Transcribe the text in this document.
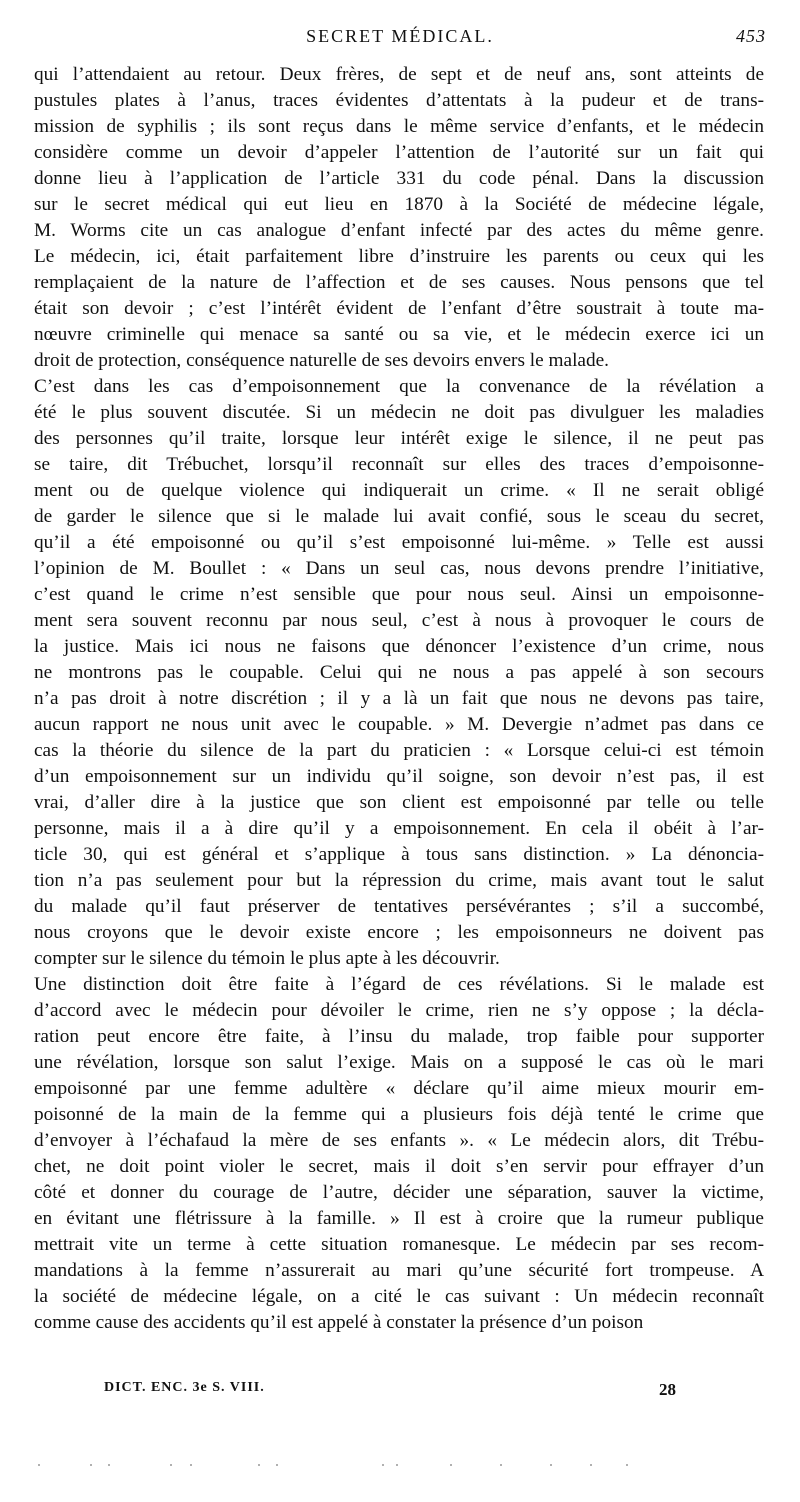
SECRET MÉDICAL.	453

qui l’attendaient au retour. Deux frères, de sept et de neuf ans, sont atteints de
pustules plates à l’anus, traces évidentes d’attentats à la pudeur et de trans-
mission de syphilis ; ils sont reçus dans le même service d’enfants, et le médecin
considère comme un devoir d’appeler l’attention de l’autorité sur un fait qui
donne lieu à l’application de l’article 331 du code pénal. Dans la discussion
sur le secret médical qui eut lieu en 1870 à la Société de médecine légale,
M. Worms cite un cas analogue d’enfant infecté par des actes du même genre.
Le médecin, ici, était parfaitement libre d’instruire les parents ou ceux qui les
remplaçaient de la nature de l’affection et de ses causes. Nous pensons que tel
était son devoir ; c’est l’intérêt évident de l’enfant d’être soustrait à toute ma-
nœuvre criminelle qui menace sa santé ou sa vie, et le médecin exerce ici un
droit de protection, conséquence naturelle de ses devoirs envers le malade.

C’est dans les cas d’empoisonnement que la convenance de la révélation a
été le plus souvent discutée. Si un médecin ne doit pas divulguer les maladies
des personnes qu’il traite, lorsque leur intérêt exige le silence, il ne peut pas
se taire, dit Trébuchet, lorsqu’il reconnaît sur elles des traces d’empoisonne-
ment ou de quelque violence qui indiquerait un crime. « Il ne serait obligé
de garder le silence que si le malade lui avait confié, sous le sceau du secret,
qu’il a été empoisonné ou qu’il s’est empoisonné lui-même. » Telle est aussi
l’opinion de M. Boullet : « Dans un seul cas, nous devons prendre l’initiative,
c’est quand le crime n’est sensible que pour nous seul. Ainsi un empoisonne-
ment sera souvent reconnu par nous seul, c’est à nous à provoquer le cours de
la justice. Mais ici nous ne faisons que dénoncer l’existence d’un crime, nous
ne montrons pas le coupable. Celui qui ne nous a pas appelé à son secours
n’a pas droit à notre discrétion ; il y a là un fait que nous ne devons pas taire,
aucun rapport ne nous unit avec le coupable. » M. Devergie n’admet pas dans ce
cas la théorie du silence de la part du praticien : « Lorsque celui-ci est témoin
d’un empoisonnement sur un individu qu’il soigne, son devoir n’est pas, il est
vrai, d’aller dire à la justice que son client est empoisonné par telle ou telle
personne, mais il a à dire qu’il y a empoisonnement. En cela il obéit à l’ar-
ticle 30, qui est général et s’applique à tous sans distinction. » La dénoncia-
tion n’a pas seulement pour but la répression du crime, mais avant tout le salut
du malade qu’il faut préserver de tentatives persévérantes ; s’il a succombé,
nous croyons que le devoir existe encore ; les empoisonneurs ne doivent pas
compter sur le silence du témoin le plus apte à les découvrir.

Une distinction doit être faite à l’égard de ces révélations. Si le malade est
d’accord avec le médecin pour dévoiler le crime, rien ne s’y oppose ; la décla-
ration peut encore être faite, à l’insu du malade, trop faible pour supporter
une révélation, lorsque son salut l’exige. Mais on a supposé le cas où le mari
empoisonné par une femme adultère « déclare qu’il aime mieux mourir em-
poisonné de la main de la femme qui a plusieurs fois déjà tenté le crime que
d’envoyer à l’échafaud la mère de ses enfants ». « Le médecin alors, dit Trébu-
chet, ne doit point violer le secret, mais il doit s’en servir pour effrayer d’un
côté et donner du courage de l’autre, décider une séparation, sauver la victime,
en évitant une flétrissure à la famille. » Il est à croire que la rumeur publique
mettrait vite un terme à cette situation romanesque. Le médecin par ses recom-
mandations à la femme n’assurerait au mari qu’une sécurité fort trompeuse. A
la société de médecine légale, on a cité le cas suivant : Un médecin reconnaît
comme cause des accidents qu’il est appelé à constater la présence d’un poison

DICT. ENC. 3e S. VIII.	28
